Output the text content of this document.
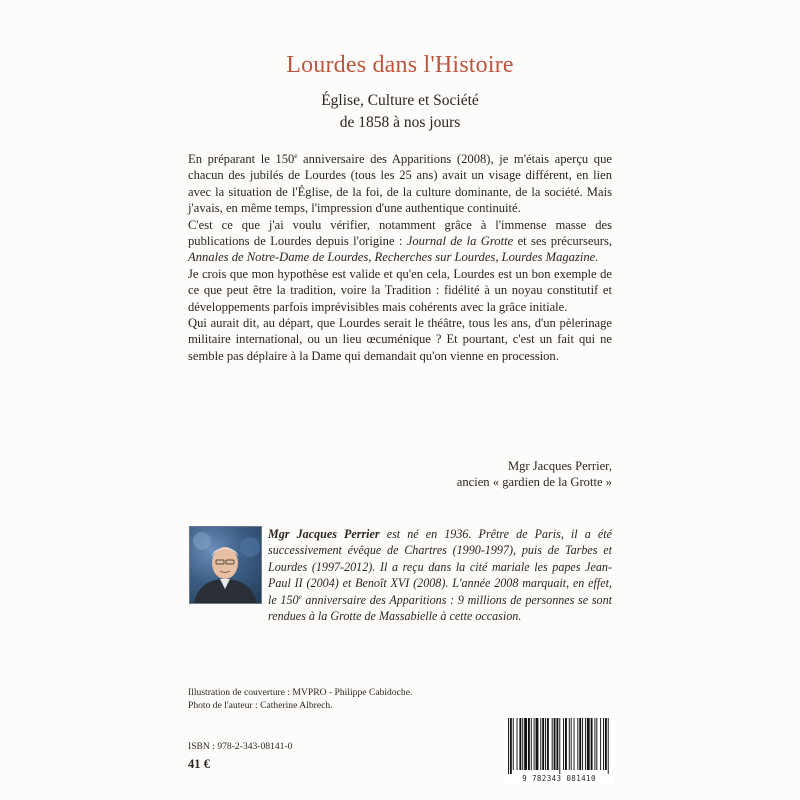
Lourdes dans l'Histoire
Église, Culture et Société
de 1858 à nos jours

En préparant le 150e anniversaire des Apparitions (2008), je m'étais aperçu que chacun des jubilés de Lourdes (tous les 25 ans) avait un visage différent, en lien avec la situation de l'Église, de la foi, de la culture dominante, de la société. Mais j'avais, en même temps, l'impression d'une authentique continuité.

C'est ce que j'ai voulu vérifier, notamment grâce à l'immense masse des publications de Lourdes depuis l'origine : Journal de la Grotte et ses précurseurs, Annales de Notre-Dame de Lourdes, Recherches sur Lourdes, Lourdes Magazine.

Je crois que mon hypothèse est valide et qu'en cela, Lourdes est un bon exemple de ce que peut être la tradition, voire la Tradition : fidélité à un noyau constitutif et développements parfois imprévisibles mais cohérents avec la grâce initiale.

Qui aurait dit, au départ, que Lourdes serait le théâtre, tous les ans, d'un pèlerinage militaire international, ou un lieu œcuménique ? Et pourtant, c'est un fait qui ne semble pas déplaire à la Dame qui demandait qu'on vienne en procession.

Mgr Jacques Perrier,
ancien « gardien de la Grotte »

Mgr Jacques Perrier est né en 1936. Prêtre de Paris, il a été successivement évêque de Chartres (1990-1997), puis de Tarbes et Lourdes (1997-2012). Il a reçu dans la cité mariale les papes Jean-Paul II (2004) et Benoît XVI (2008). L'année 2008 marquait, en effet, le 150e anniversaire des Apparitions : 9 millions de personnes se sont rendues à la Grotte de Massabielle à cette occasion.

Illustration de couverture : MVPRO - Philippe Cabidoche.
Photo de l'auteur : Catherine Albrech.
ISBN : 978-2-343-08141-0
41 €
9 782343 081410
